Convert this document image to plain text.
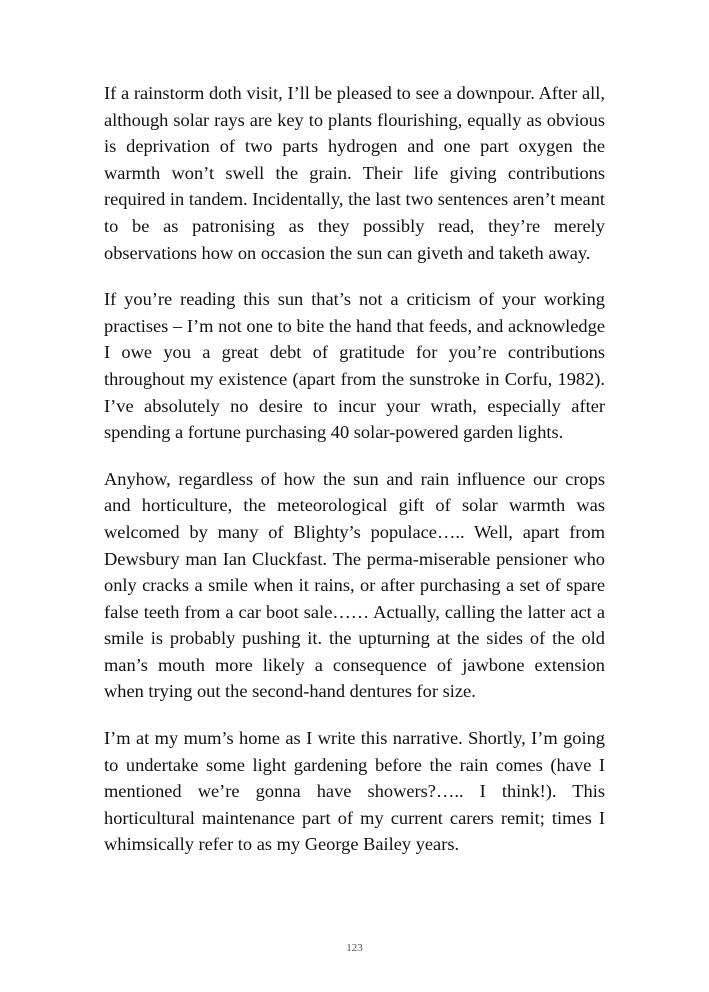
If a rainstorm doth visit, I’ll be pleased to see a downpour. After all, although solar rays are key to plants flourishing, equally as obvious is deprivation of two parts hydrogen and one part oxygen the warmth won’t swell the grain. Their life giving contributions required in tandem. Incidentally, the last two sentences aren’t meant to be as patronising as they possibly read, they’re merely observations how on occasion the sun can giveth and taketh away.

If you’re reading this sun that’s not a criticism of your working practises – I’m not one to bite the hand that feeds, and acknowledge I owe you a great debt of gratitude for you’re contributions throughout my existence (apart from the sunstroke in Corfu, 1982). I’ve absolutely no desire to incur your wrath, especially after spending a fortune purchasing 40 solar-powered garden lights.

Anyhow, regardless of how the sun and rain influence our crops and horticulture, the meteorological gift of solar warmth was welcomed by many of Blighty’s populace….. Well, apart from Dewsbury man Ian Cluckfast. The perma-miserable pensioner who only cracks a smile when it rains, or after purchasing a set of spare false teeth from a car boot sale…… Actually, calling the latter act a smile is probably pushing it. the upturning at the sides of the old man’s mouth more likely a consequence of jawbone extension when trying out the second-hand dentures for size.

I’m at my mum’s home as I write this narrative. Shortly, I’m going to undertake some light gardening before the rain comes (have I mentioned we’re gonna have showers?….. I think!). This horticultural maintenance part of my current carers remit; times I whimsically refer to as my George Bailey years.

123
